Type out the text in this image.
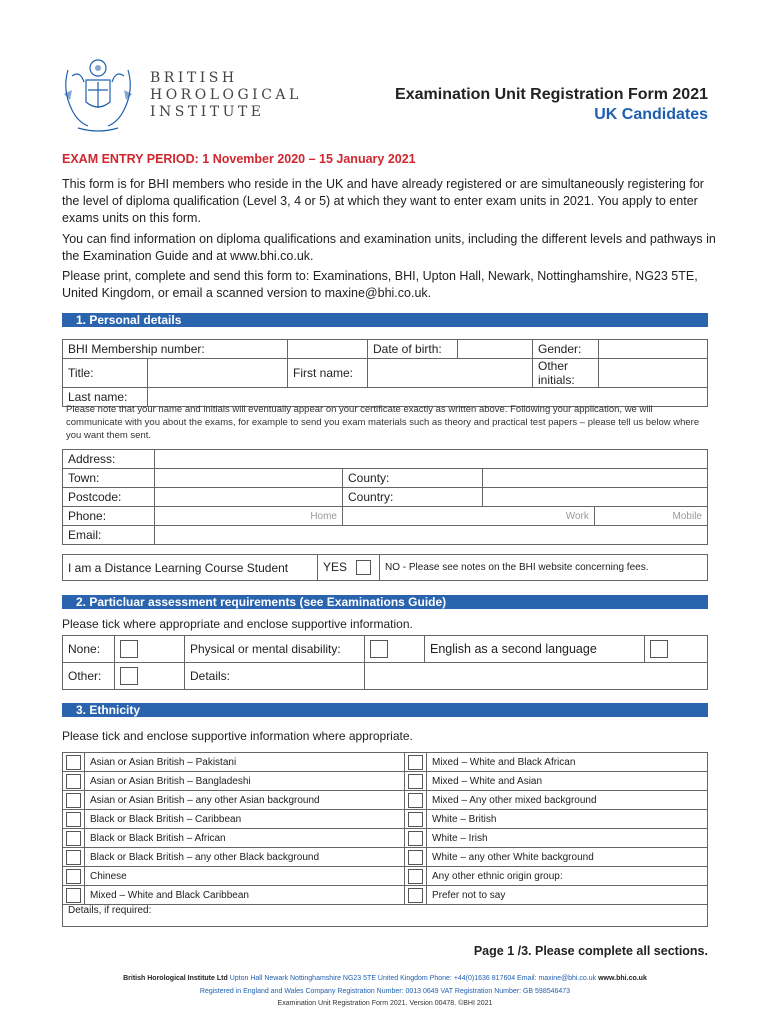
BRITISH
HOROLOGICAL
INSTITUTE
Examination Unit Registration Form 2021
UK Candidates
EXAM ENTRY PERIOD: 1 November 2020 – 15 January 2021
This form is for BHI members who reside in the UK and have already registered or are simultaneously registering for the level of diploma qualification (Level 3, 4 or 5) at which they want to enter exam units in 2021. You apply to enter exams units on this form.
You can find information on diploma qualifications and examination units, including the different levels and pathways in the Examination Guide and at www.bhi.co.uk.
Please print, complete and send this form to: Examinations, BHI, Upton Hall, Newark, Nottinghamshire, NG23 5TE, United Kingdom, or email a scanned version to maxine@bhi.co.uk.
1. Personal details
BHI Membership number:			Date of birth:		Gender:	
Title:		First name:			Other initials:	
Last name:						
Please note that your name and initials will eventually appear on your certificate exactly as written above. Following your application, we will communicate with you about the exams, for example to send you exam materials such as theory and practical test papers – please tell us below where you want them sent.
Address:				
Town:		County:		
Postcode:		Country:		
Phone:	Home	Work		Mobile
Email:				
I am a Distance Learning Course Student	YES	NO - Please see notes on the BHI website concerning fees.
2. Particluar assessment requirements (see Examinations Guide)
Please tick where appropriate and enclose supportive information.
None:		Physical or mental disability:		English as a second language	
Other:		Details:			
3. Ethnicity
Please tick and enclose supportive information where appropriate.
	Asian or Asian British – Pakistani		Mixed – White and Black African
	Asian or Asian British – Bangladeshi		Mixed – White and Asian
	Asian or Asian British – any other Asian background		Mixed – Any other mixed background
	Black or Black British – Caribbean		White – British
	Black or Black British – African		White – Irish
	Black or Black British – any other Black background		White – any other White background
	Chinese		Any other ethnic origin group:
	Mixed – White and Black Caribbean		Prefer not to say
Details, if required:			
Page 1 /3. Please complete all sections.
British Horological Institute Ltd Upton Hall Newark Nottinghamshire NG23 5TE United Kingdom Phone: +44(0)1636 817604 Email: maxine@bhi.co.uk www.bhi.co.uk
Registered in England and Wales Company Registration Number: 0013 0649 VAT Registration Number: GB 598546473
Examination Unit Registration Form 2021. Version 00478. ©BHI 2021
